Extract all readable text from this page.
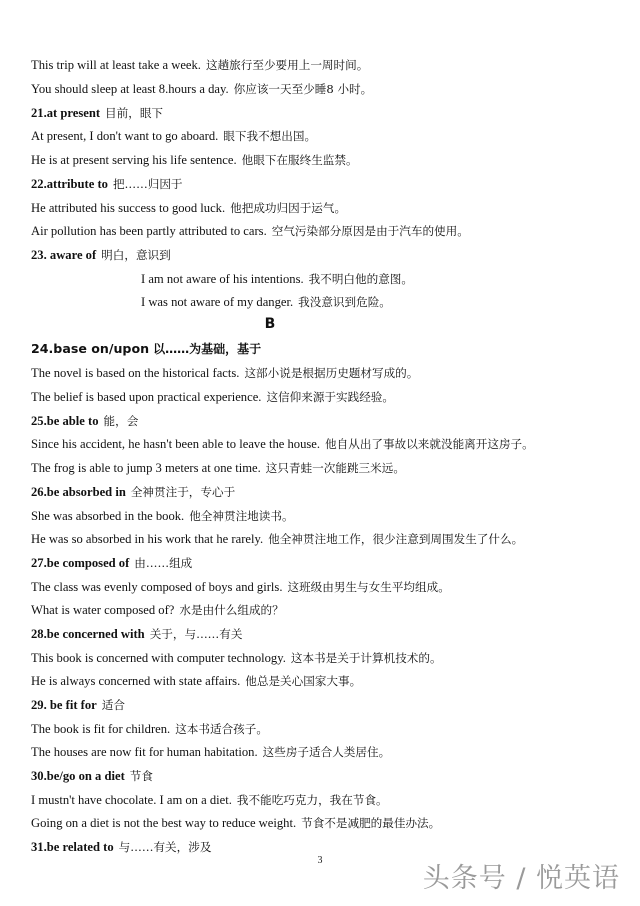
This trip will at least take a week. 这趟旅行至少要用上一周时间。

You should sleep at least 8.hours a day. 你应该一天至少睡8 小时。

21.at present 目前，眼下

At present, I don't want to go aboard. 眼下我不想出国。

He is at present serving his life sentence. 他眼下在服终生监禁。

22.attribute to 把……归因于

He attributed his success to good luck. 他把成功归因于运气。

Air pollution has been partly attributed to cars. 空气污染部分原因是由于汽车的使用。

23. aware of 明白，意识到

I am not aware of his intentions. 我不明白他的意图。

I was not aware of my danger. 我没意识到危险。

B

24.base on/upon 以……为基础，基于

The novel is based on the historical facts. 这部小说是根据历史题材写成的。

The belief is based upon practical experience. 这信仰来源于实践经验。

25.be able to 能，会

Since his accident, he hasn't been able to leave the house. 他自从出了事故以来就没能离开这房子。

The frog is able to jump 3 meters at one time. 这只青蛙一次能跳三米远。

26.be absorbed in 全神贯注于，专心于

She was absorbed in the book. 他全神贯注地读书。

He was so absorbed in his work that he rarely. 他全神贯注地工作，很少注意到周围发生了什么。

27.be composed of 由……组成

The class was evenly composed of boys and girls. 这班级由男生与女生平均组成。

What is water composed of? 水是由什么组成的？

28.be concerned with 关于，与……有关

This book is concerned with computer technology. 这本书是关于计算机技术的。

He is always concerned with state affairs. 他总是关心国家大事。

29. be fit for 适合

The book is fit for children. 这本书适合孩子。

The houses are now fit for human habitation. 这些房子适合人类居住。

30.be/go on a diet 节食

I mustn't have chocolate. I am on a diet. 我不能吃巧克力，我在节食。

Going on a diet is not the best way to reduce weight. 节食不是减肥的最佳办法。

31.be related to 与……有关，涉及

3
头条号 / 悦英语
